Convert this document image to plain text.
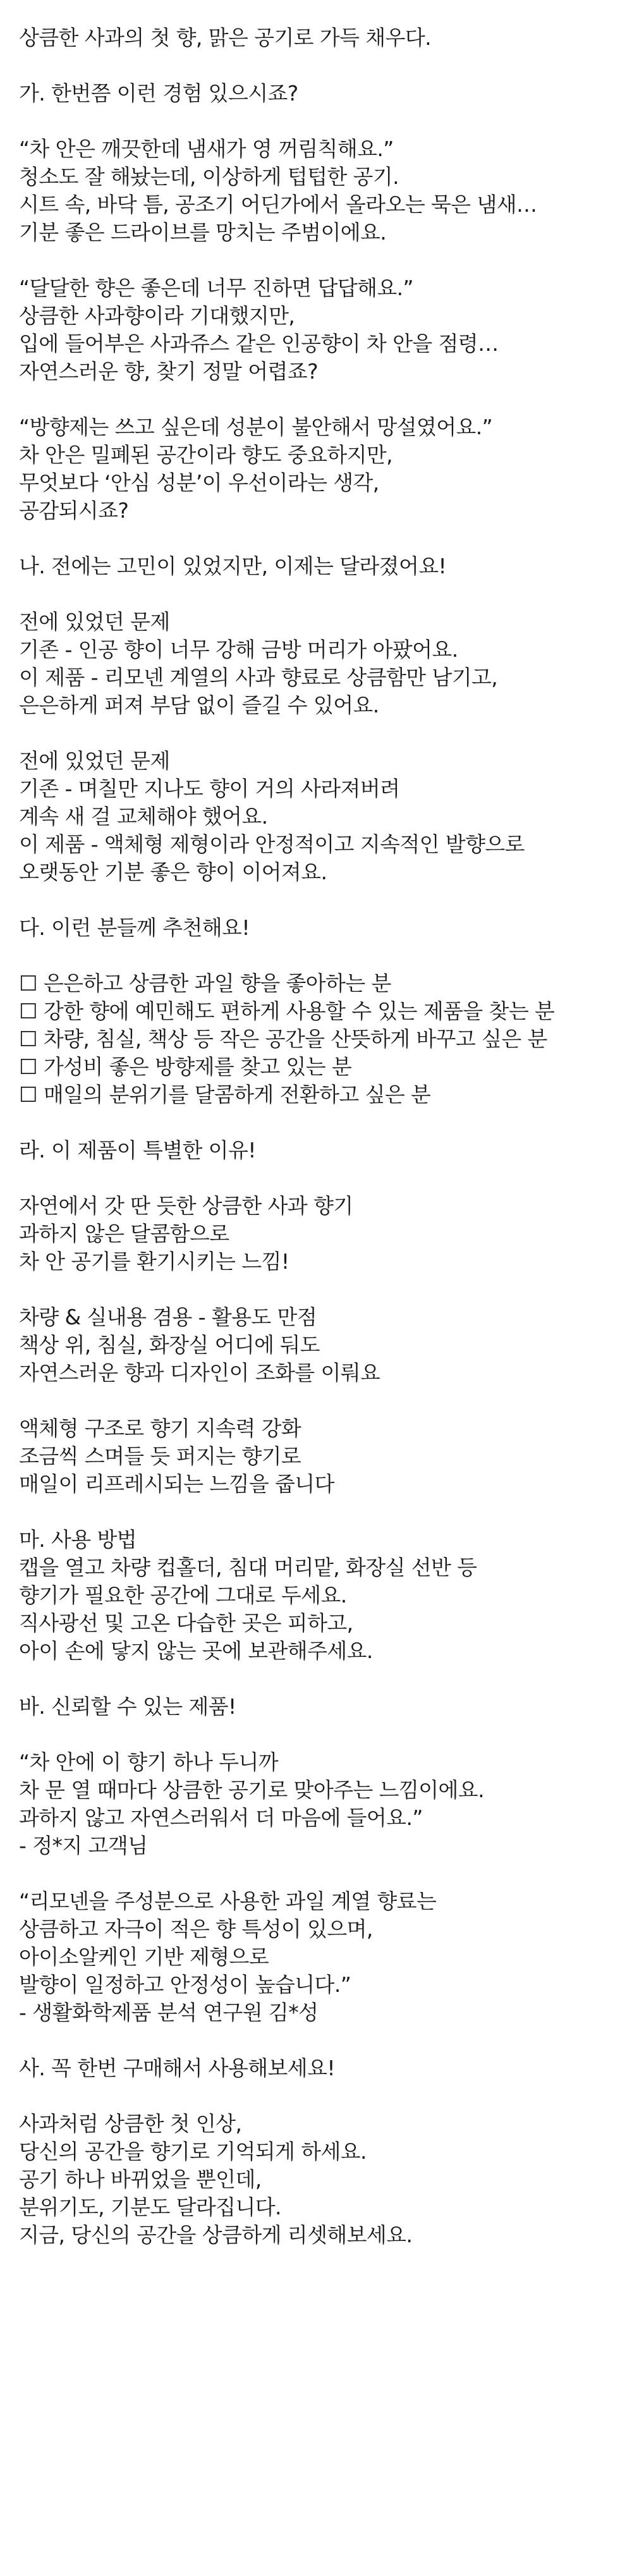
상큼한 사과의 첫 향, 맑은 공기로 가득 채우다.
가. 한번쯤 이런 경험 있으시죠?
“차 안은 깨끗한데 냄새가 영 꺼림칙해요.”
청소도 잘 해놨는데, 이상하게 텁텁한 공기.
시트 속, 바닥 틈, 공조기 어딘가에서 올라오는 묵은 냄새…
기분 좋은 드라이브를 망치는 주범이에요.
“달달한 향은 좋은데 너무 진하면 답답해요.”
상큼한 사과향이라 기대했지만,
입에 들어부은 사과쥬스 같은 인공향이 차 안을 점령…
자연스러운 향, 찾기 정말 어렵죠?
“방향제는 쓰고 싶은데 성분이 불안해서 망설였어요.”
차 안은 밀폐된 공간이라 향도 중요하지만,
무엇보다 ‘안심 성분’이 우선이라는 생각,
공감되시죠?
나. 전에는 고민이 있었지만, 이제는 달라졌어요!
전에 있었던 문제
기존 - 인공 향이 너무 강해 금방 머리가 아팠어요.
이 제품 - 리모넨 계열의 사과 향료로 상큼함만 남기고,
은은하게 퍼져 부담 없이 즐길 수 있어요.
전에 있었던 문제
기존 - 며칠만 지나도 향이 거의 사라져버려
계속 새 걸 교체해야 했어요.
이 제품 - 액체형 제형이라 안정적이고 지속적인 발향으로
오랫동안 기분 좋은 향이 이어져요.
다. 이런 분들께 추천해요!
☐ 은은하고 상큼한 과일 향을 좋아하는 분
☐ 강한 향에 예민해도 편하게 사용할 수 있는 제품을 찾는 분
☐ 차량, 침실, 책상 등 작은 공간을 산뜻하게 바꾸고 싶은 분
☐ 가성비 좋은 방향제를 찾고 있는 분
☐ 매일의 분위기를 달콤하게 전환하고 싶은 분
라. 이 제품이 특별한 이유!
자연에서 갓 딴 듯한 상큼한 사과 향기
과하지 않은 달콤함으로
차 안 공기를 환기시키는 느낌!
차량 & 실내용 겸용 - 활용도 만점
책상 위, 침실, 화장실 어디에 둬도
자연스러운 향과 디자인이 조화를 이뤄요
액체형 구조로 향기 지속력 강화
조금씩 스며들 듯 퍼지는 향기로
매일이 리프레시되는 느낌을 줍니다
마. 사용 방법
캡을 열고 차량 컵홀더, 침대 머리맡, 화장실 선반 등
향기가 필요한 공간에 그대로 두세요.
직사광선 및 고온 다습한 곳은 피하고,
아이 손에 닿지 않는 곳에 보관해주세요.
바. 신뢰할 수 있는 제품!
“차 안에 이 향기 하나 두니까
차 문 열 때마다 상큼한 공기로 맞아주는 느낌이에요.
과하지 않고 자연스러워서 더 마음에 들어요.”
- 정*지 고객님
“리모넨을 주성분으로 사용한 과일 계열 향료는
상큼하고 자극이 적은 향 특성이 있으며,
아이소알케인 기반 제형으로
발향이 일정하고 안정성이 높습니다.”
- 생활화학제품 분석 연구원 김*성
사. 꼭 한번 구매해서 사용해보세요!
사과처럼 상큼한 첫 인상,
당신의 공간을 향기로 기억되게 하세요.
공기 하나 바뀌었을 뿐인데,
분위기도, 기분도 달라집니다.
지금, 당신의 공간을 상큼하게 리셋해보세요.
